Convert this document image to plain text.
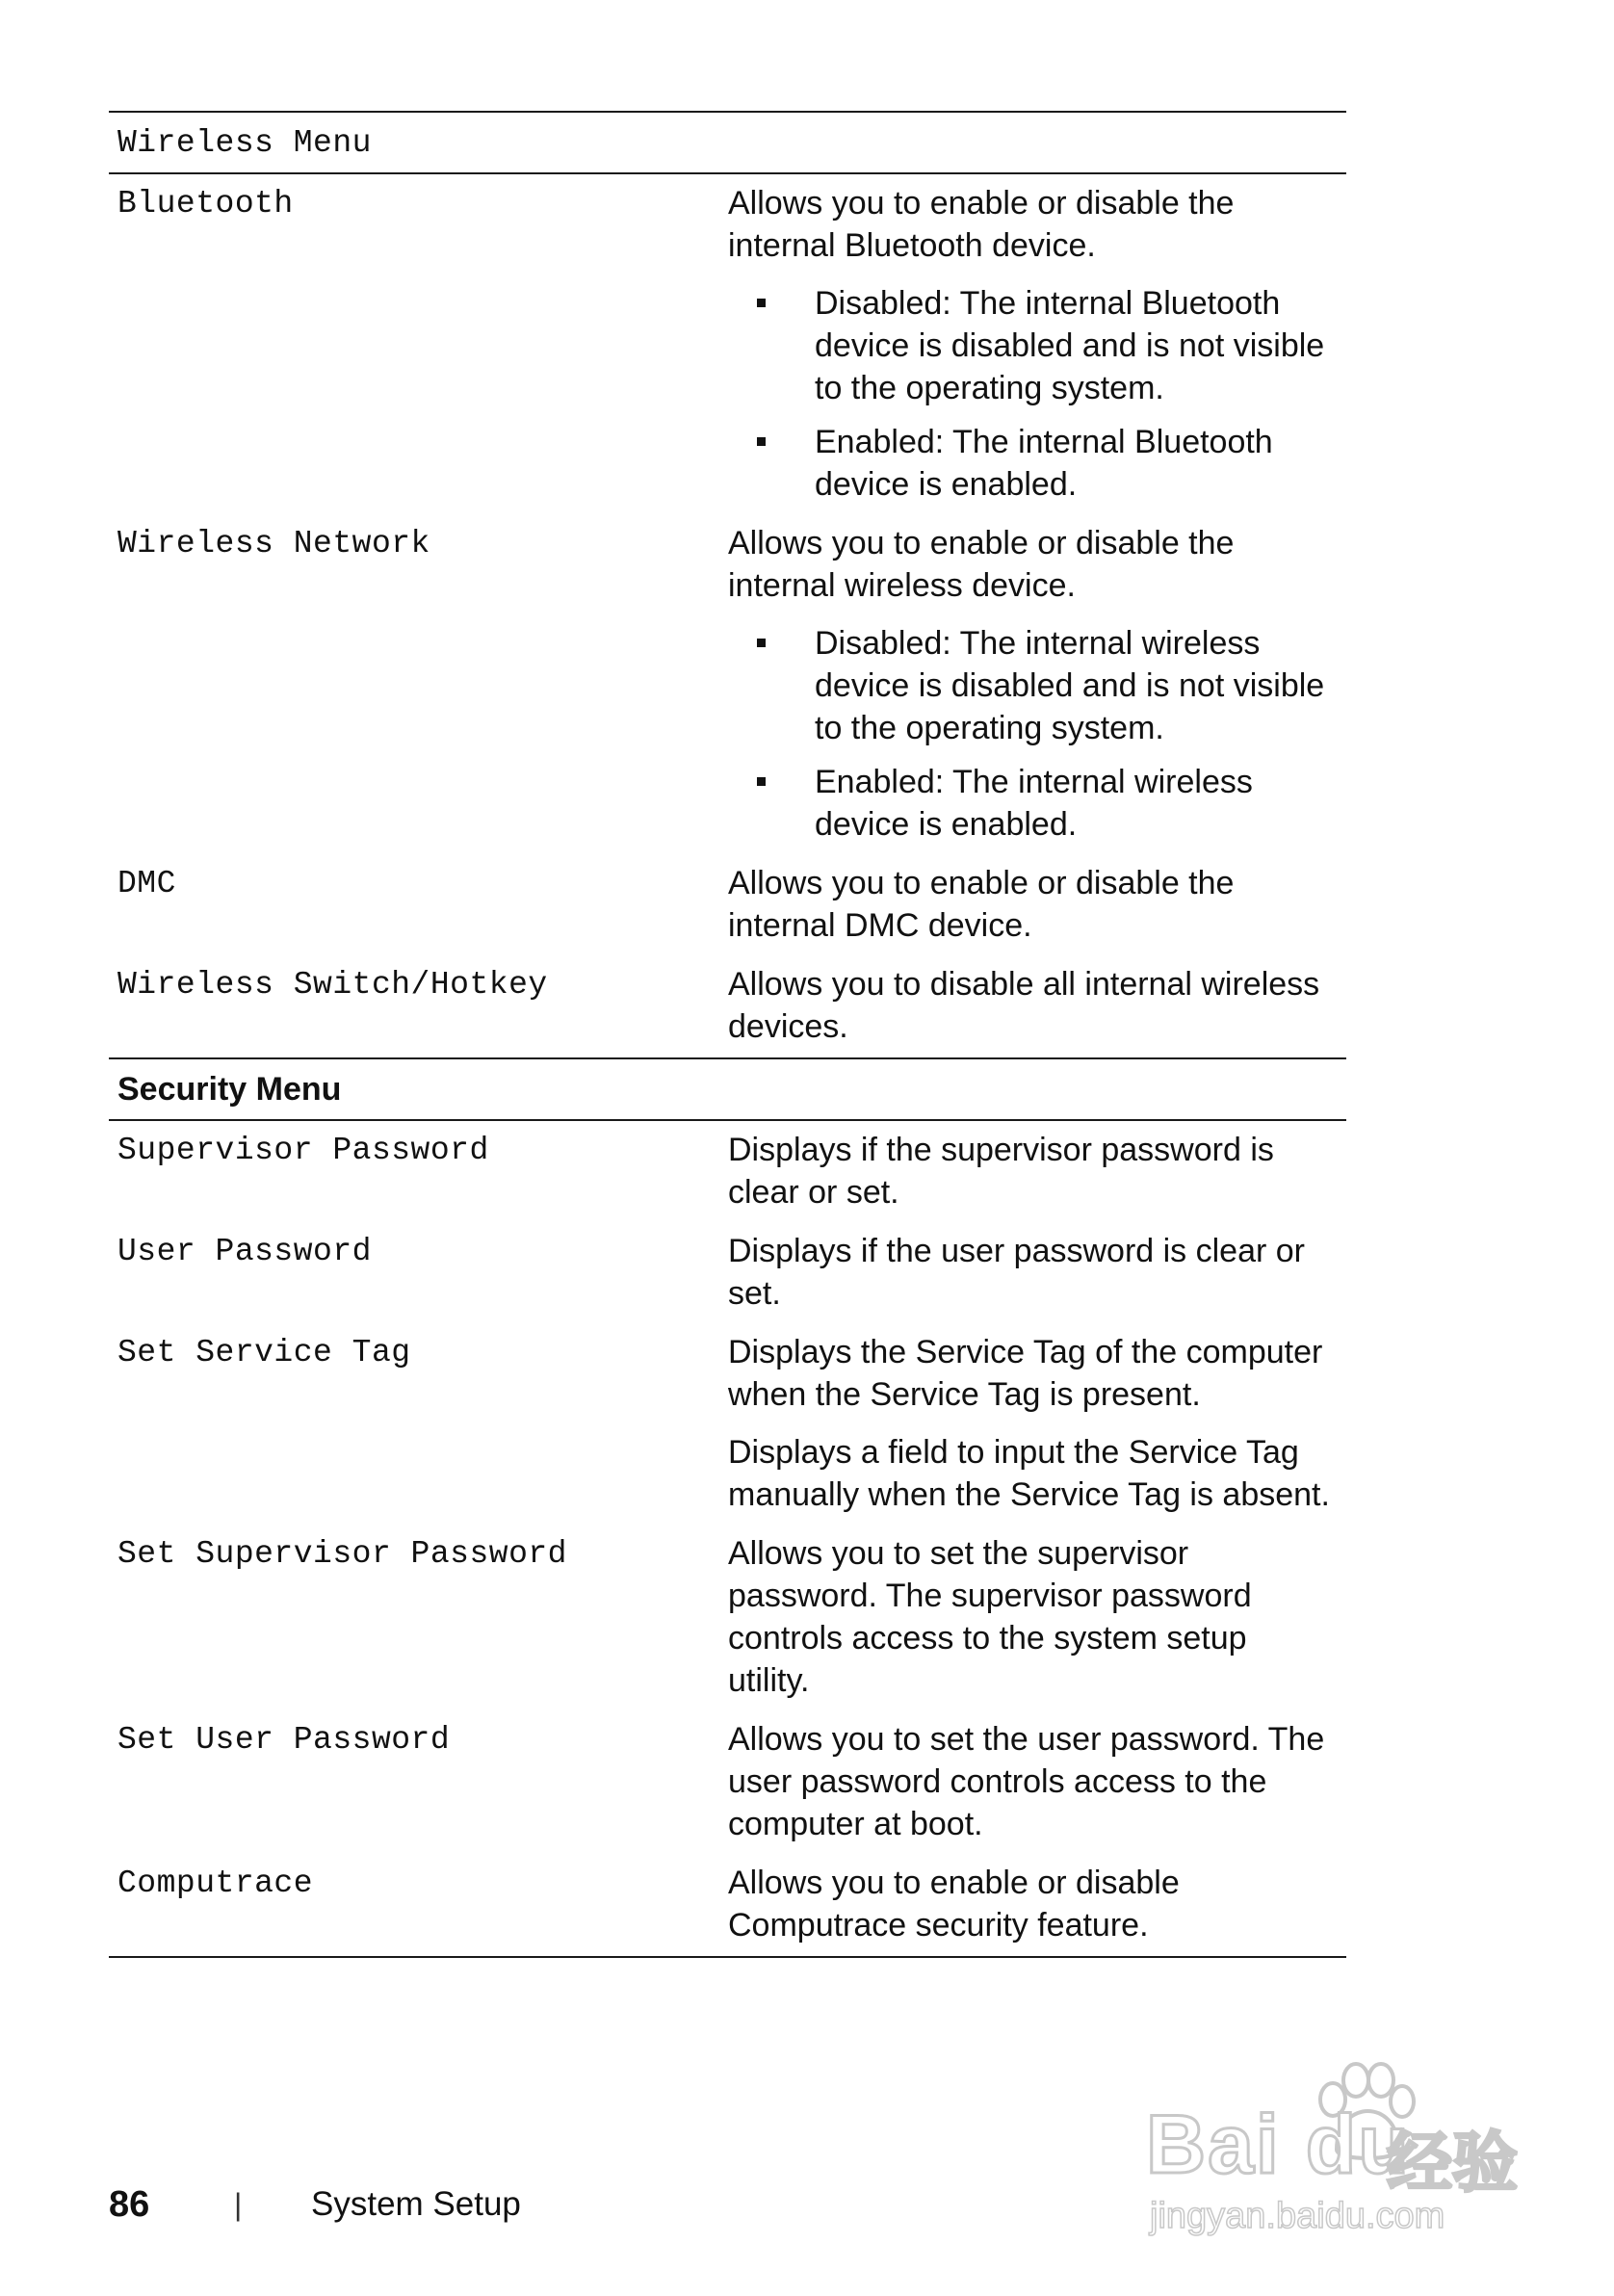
Wireless Menu
Bluetooth	Allows you to enable or disable the internal Bluetooth device.

Disabled: The internal Bluetooth device is disabled and is not visible to the operating system.
Enabled: The internal Bluetooth device is enabled.
Wireless Network	Allows you to enable or disable the internal wireless device.

Disabled: The internal wireless device is disabled and is not visible to the operating system.
Enabled: The internal wireless device is enabled.
DMC	Allows you to enable or disable the internal DMC device.

Wireless Switch/Hotkey	Allows you to disable all internal wireless devices.

Security Menu
Supervisor Password	Displays if the supervisor password is clear or set.

User Password	Displays if the user password is clear or set.

Set Service Tag	Displays the Service Tag of the computer when the Service Tag is present.

Displays a field to input the Service Tag manually when the Service Tag is absent.

Set Supervisor Password	Allows you to set the supervisor password. The supervisor password controls access to the system setup utility.

Set User Password	Allows you to set the user password. The user password controls access to the computer at boot.

Computrace	Allows you to enable or disable Computrace security feature.

86	|	System Setup
Bai du
经验
jingyan.baidu.com
